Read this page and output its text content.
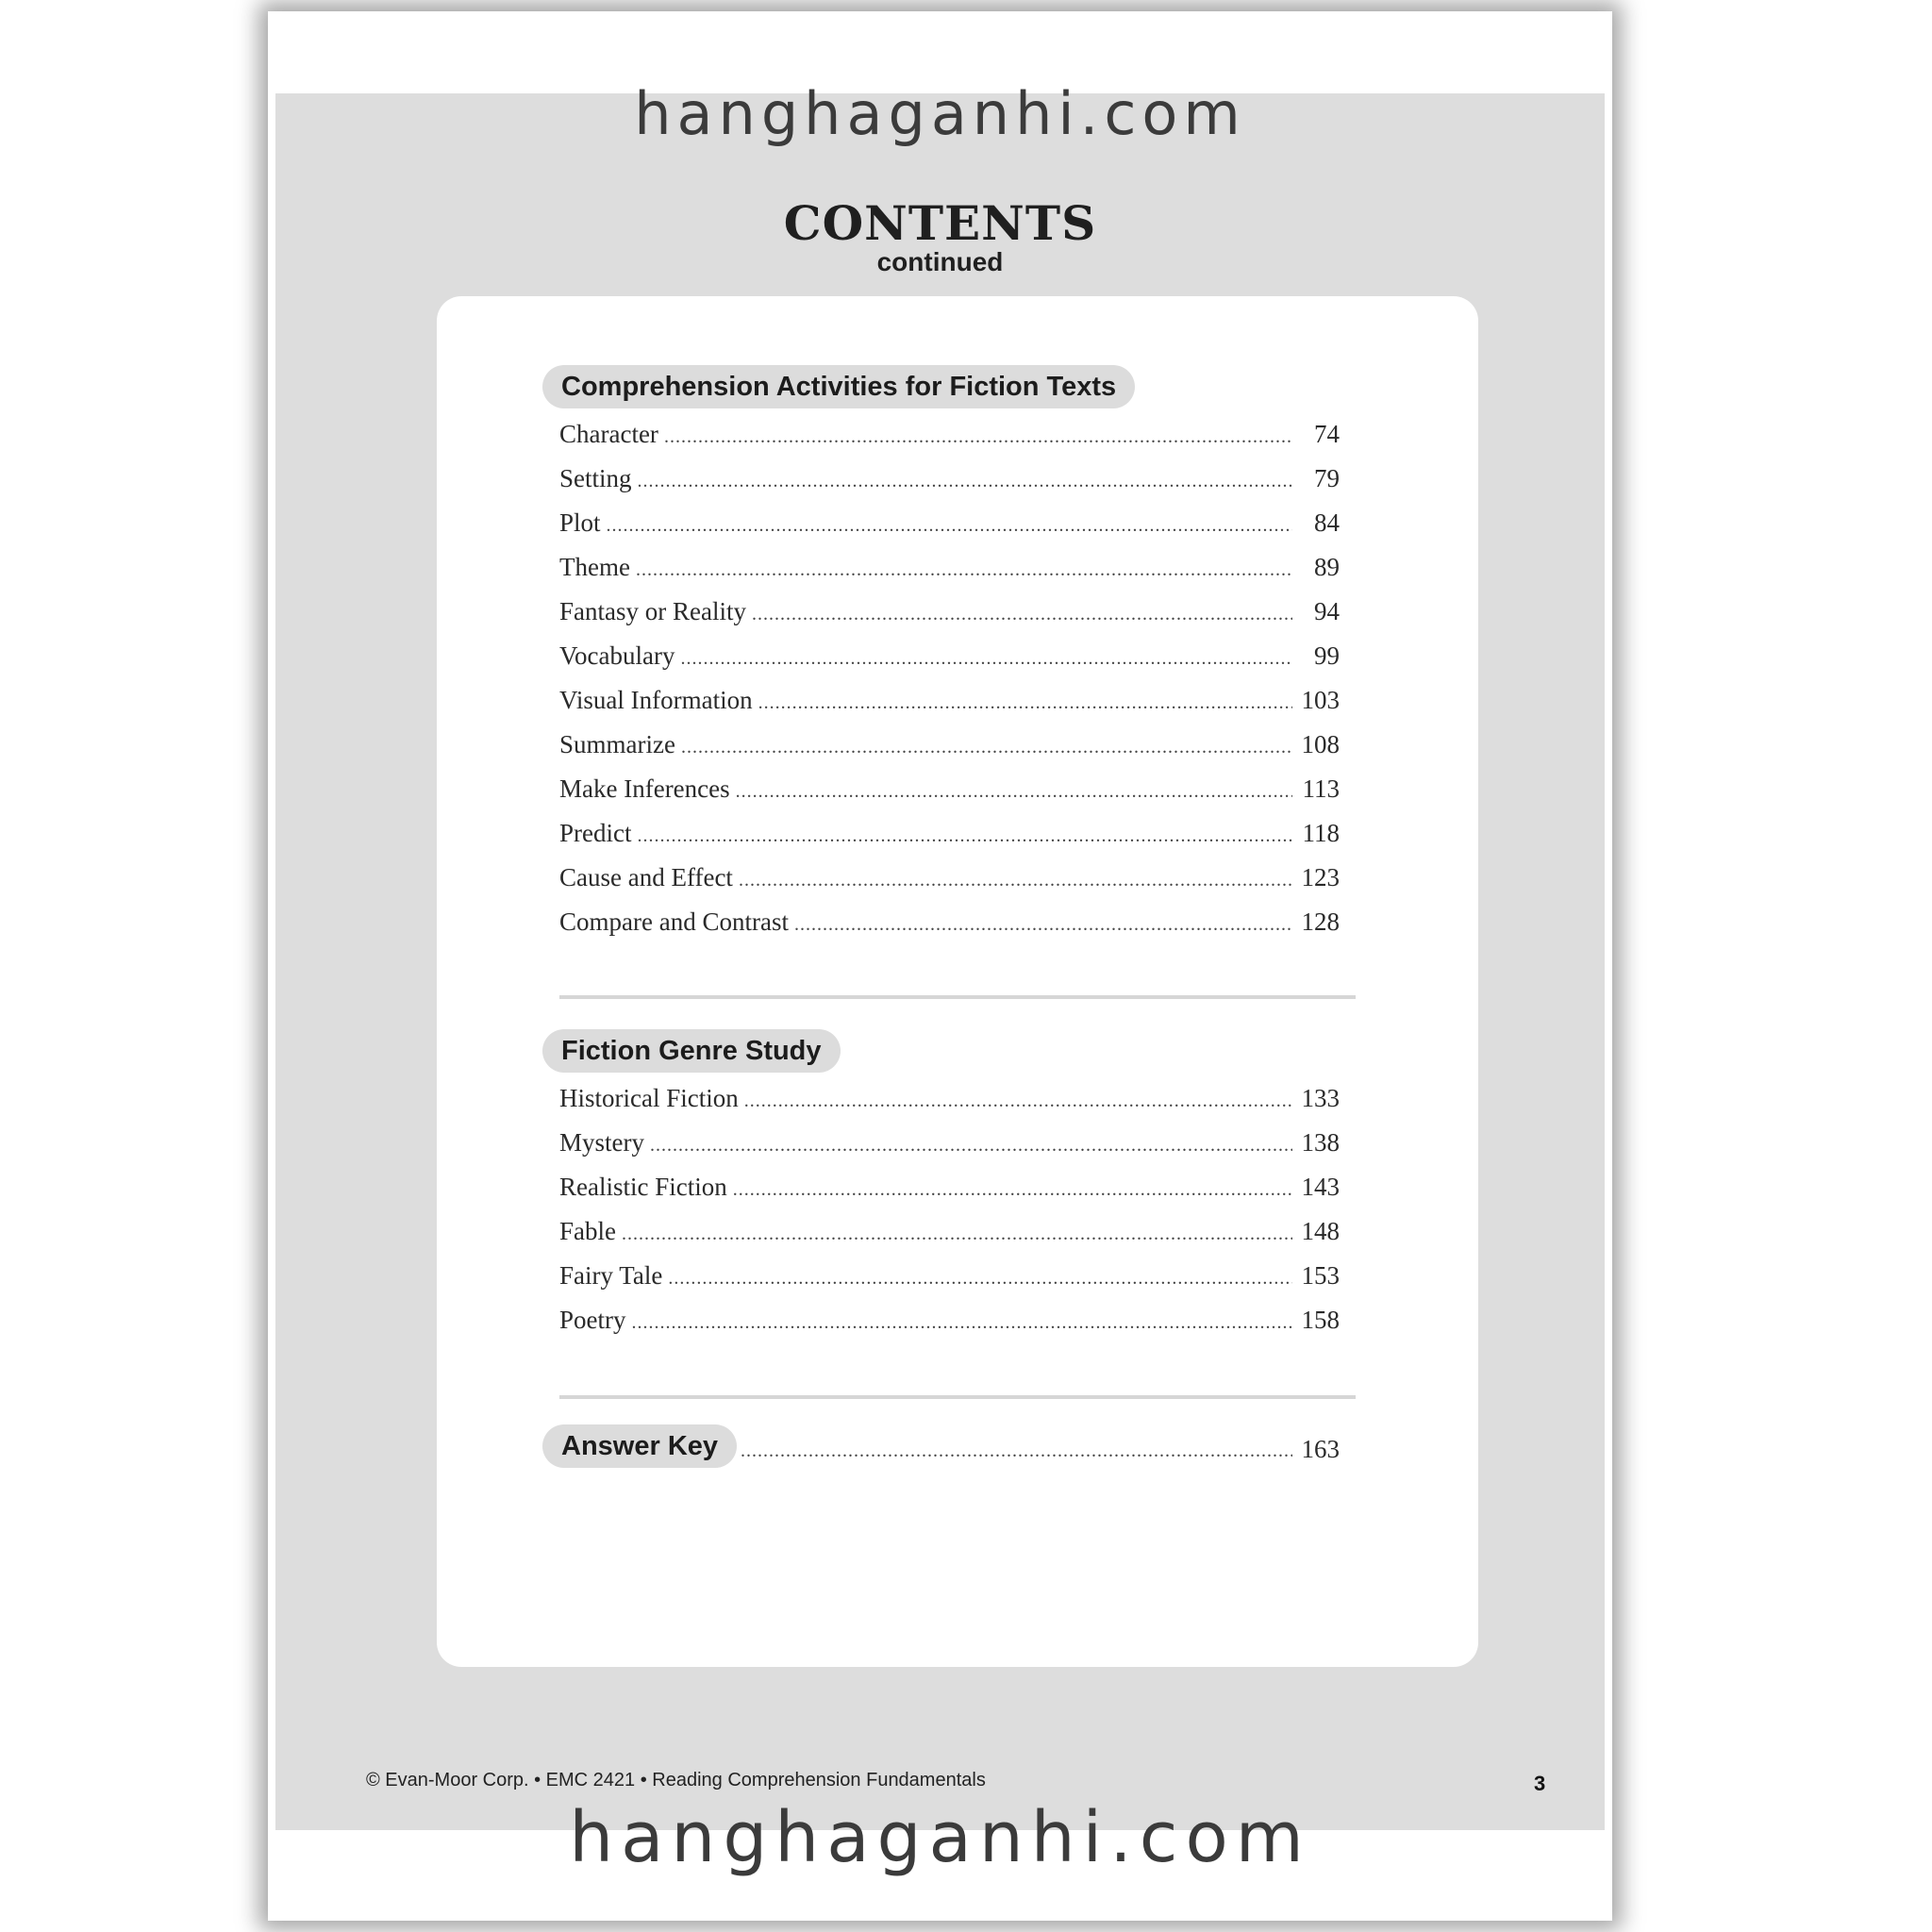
hanghaganhi.com
CONTENTS
continued
Comprehension Activities for Fiction Texts
Character .....	74
Setting .....	79
Plot .....	84
Theme .....	89
Fantasy or Reality .....	94
Vocabulary .....	99
Visual Information .....	103
Summarize .....	108
Make Inferences .....	113
Predict .....	118
Cause and Effect .....	123
Compare and Contrast .....	128
Fiction Genre Study
Historical Fiction .....	133
Mystery .....	138
Realistic Fiction .....	143
Fable .....	148
Fairy Tale .....	153
Poetry .....	158
Answer Key .....	163
© Evan-Moor Corp. • EMC 2421 • Reading Comprehension Fundamentals	3
hanghaganhi.com
